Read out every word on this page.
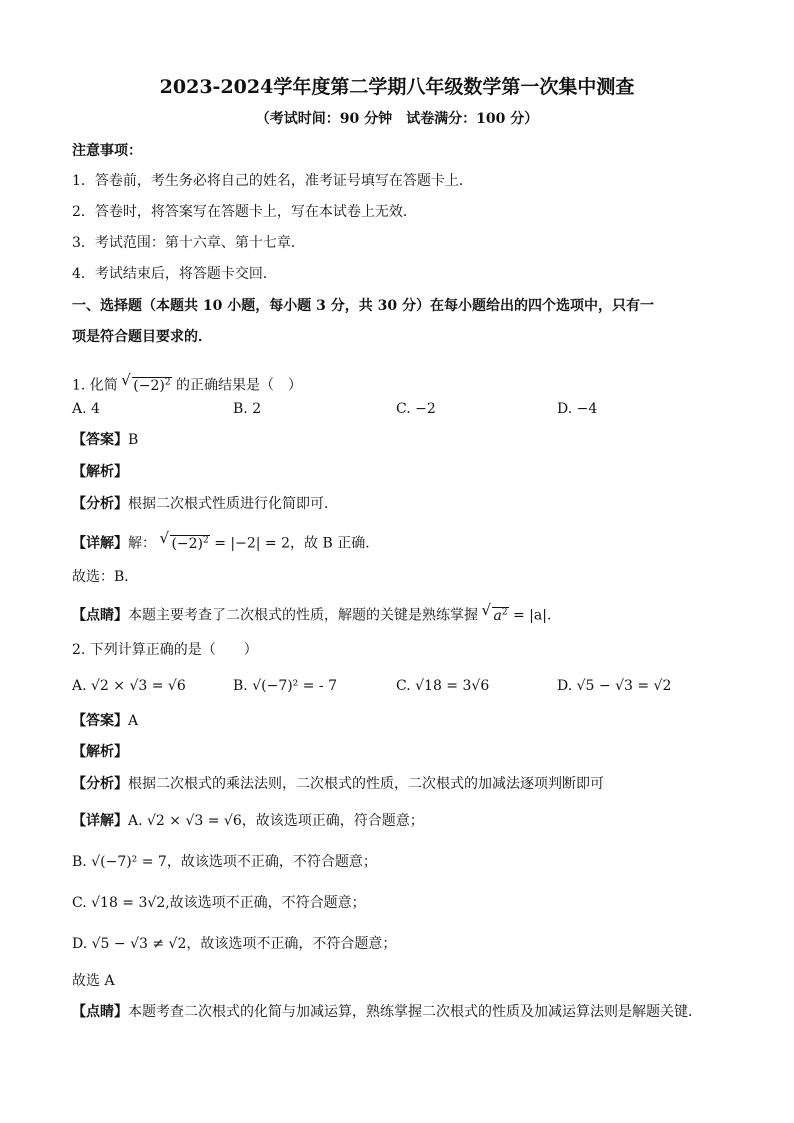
2023-2024学年度第二学期八年级数学第一次集中测查
（考试时间：90 分钟　试卷满分：100 分）
注意事项：
1．答卷前，考生务必将自己的姓名，准考证号填写在答题卡上．
2．答卷时，将答案写在答题卡上，写在本试卷上无效．
3．考试范围：第十六章、第十七章．
4．考试结束后，将答题卡交回．
一、选择题（本题共 10 小题，每小题 3 分，共 30 分）在每小题给出的四个选项中，只有一
项是符合题目要求的．
1. 化简 √ $(-2)^2$ 的正确结果是（　）
A. 4	B. 2	C. −2	D. −4
【答案】B
【解析】
【分析】根据二次根式性质进行化简即可．
【详解】解： √ $(-2)^2 = |-2| = 2$，故 B 正确．
故选：B．
【点睛】本题主要考查了二次根式的性质，解题的关键是熟练掌握 √ $a^2 = |a|$．
2. 下列计算正确的是（　　）
A. √2 × √3 = √6	B. √(−7)² = - 7	C. √18 = 3√6	D. √5 − √3 = √2
【答案】A
【解析】
【分析】根据二次根式的乘法法则，二次根式的性质，二次根式的加减法逐项判断即可
【详解】A. √2 × √3 = √6，故该选项正确，符合题意；
B. √(−7)² = 7，故该选项不正确，不符合题意；
C. √18 = 3√2,故该选项不正确，不符合题意；
D. √5 − √3 ≠ √2，故该选项不正确，不符合题意；
故选 A
【点睛】本题考查二次根式的化简与加减运算，熟练掌握二次根式的性质及加减运算法则是解题关键．
